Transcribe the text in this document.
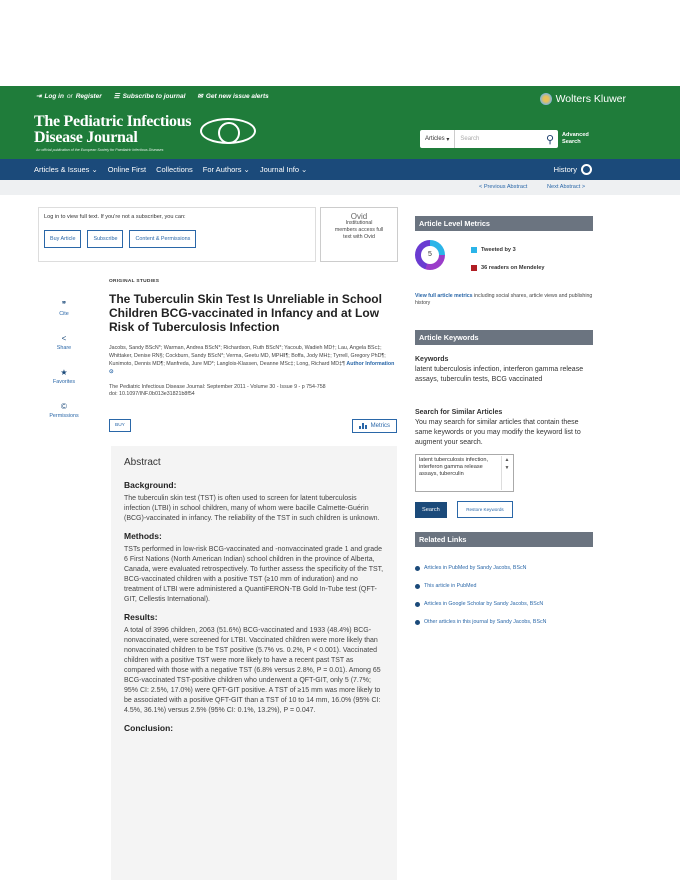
⇥ Log in or Register ☰ Subscribe to journal ✉ Get new issue alerts	Wolters Kluwer
The Pediatric Infectious
Disease Journal
An official publication of the European Society for Paediatric Infectious Diseases
Articles
▾	Search	⚲	Advanced
Search
Articles & Issues ⌄ Online First Collections For Authors ⌄ Journal Info ⌄	History
< Previous Abstract	Next Abstract >
Log in to view full text. If you're not a subscriber, you can:
Buy Article	Subscribe	Content & Permissions
Ovid
Institutional
members access full
text with Ovid
❞
Cite
<
Share
★
Favorites
©
Permissions
ORIGINAL STUDIES
The Tuberculin Skin Test Is Unreliable in School Children BCG-vaccinated in Infancy and at Low Risk of Tuberculosis Infection
Jacobs, Sandy BScN*; Warman, Andrea BScN*; Richardson, Ruth BScN*; Yacoub, Wadieh MD†; Lau, Angela BSc‡; Whittaker, Denise RN§; Cockburn, Sandy BScN*; Verma, Geetu MD, MPH‖¶; Boffa, Jody MH‡; Tyrrell, Gregory PhD¶; Kunimoto, Dennis MD¶; Manfreda, Jure MD*; Langlois-Klassen, Deanne MSc‡; Long, Richard MD‡¶ Author Information ⊙
The Pediatric Infectious Disease Journal: September 2011 - Volume 30 - Issue 9 - p 754-758
doi: 10.1097/INF.0b013e31821b8f54
BUY	Metrics
Abstract
Background:

The tuberculin skin test (TST) is often used to screen for latent tuberculosis infection (LTBI) in school children, many of whom were bacille Calmette-Guérin (BCG)-vaccinated in infancy. The reliability of the TST in such children is unknown.

Methods:

TSTs performed in low-risk BCG-vaccinated and -nonvaccinated grade 1 and grade 6 First Nations (North American Indian) school children in the province of Alberta, Canada, were evaluated retrospectively. To further assess the specificity of the TST, BCG-vaccinated children with a positive TST (≥10 mm of induration) and no treatment of LTBI were administered a QuantiFERON-TB Gold In-Tube test (QFT-GIT, Cellestis International).

Results:

A total of 3996 children, 2063 (51.6%) BCG-vaccinated and 1933 (48.4%) BCG-nonvaccinated, were screened for LTBI. Vaccinated children were more likely than nonvaccinated children to be TST positive (5.7% vs. 0.2%, P < 0.001). Vaccinated children with a positive TST were more likely to have a recent past TST as compared with those with a negative TST (6.8% versus 2.8%, P = 0.01). Among 65 BCG-vaccinated TST-positive children who underwent a QFT-GIT, only 5 (7.7%; 95% CI: 2.5%, 17.0%) were QFT-GIT positive. A TST of ≥15 mm was more likely to be associated with a positive QFT-GIT than a TST of 10 to 14 mm, 16.0% (95% CI: 4.5%, 36.1%) versus 2.5% (95% CI: 0.1%, 13.2%), P = 0.047.

Conclusion:

Article Level Metrics
5
Tweeted by 3
36 readers on Mendeley
View full article metrics including social shares, article views and publishing history
Article Keywords
Keywords
latent tuberculosis infection, interferon gamma release assays, tuberculin tests, BCG vaccinated
Search for Similar Articles
You may search for similar articles that contain these same keywords or you may modify the keyword list to augment your search.
latent tuberculosis infection, interferon gamma release assays, tuberculin
▲
▼
Search	Restore Keywords
Related Links
Articles in PubMed by Sandy Jacobs, BScN
This article in PubMed
Articles in Google Scholar by Sandy Jacobs, BScN
Other articles in this journal by Sandy Jacobs, BScN
